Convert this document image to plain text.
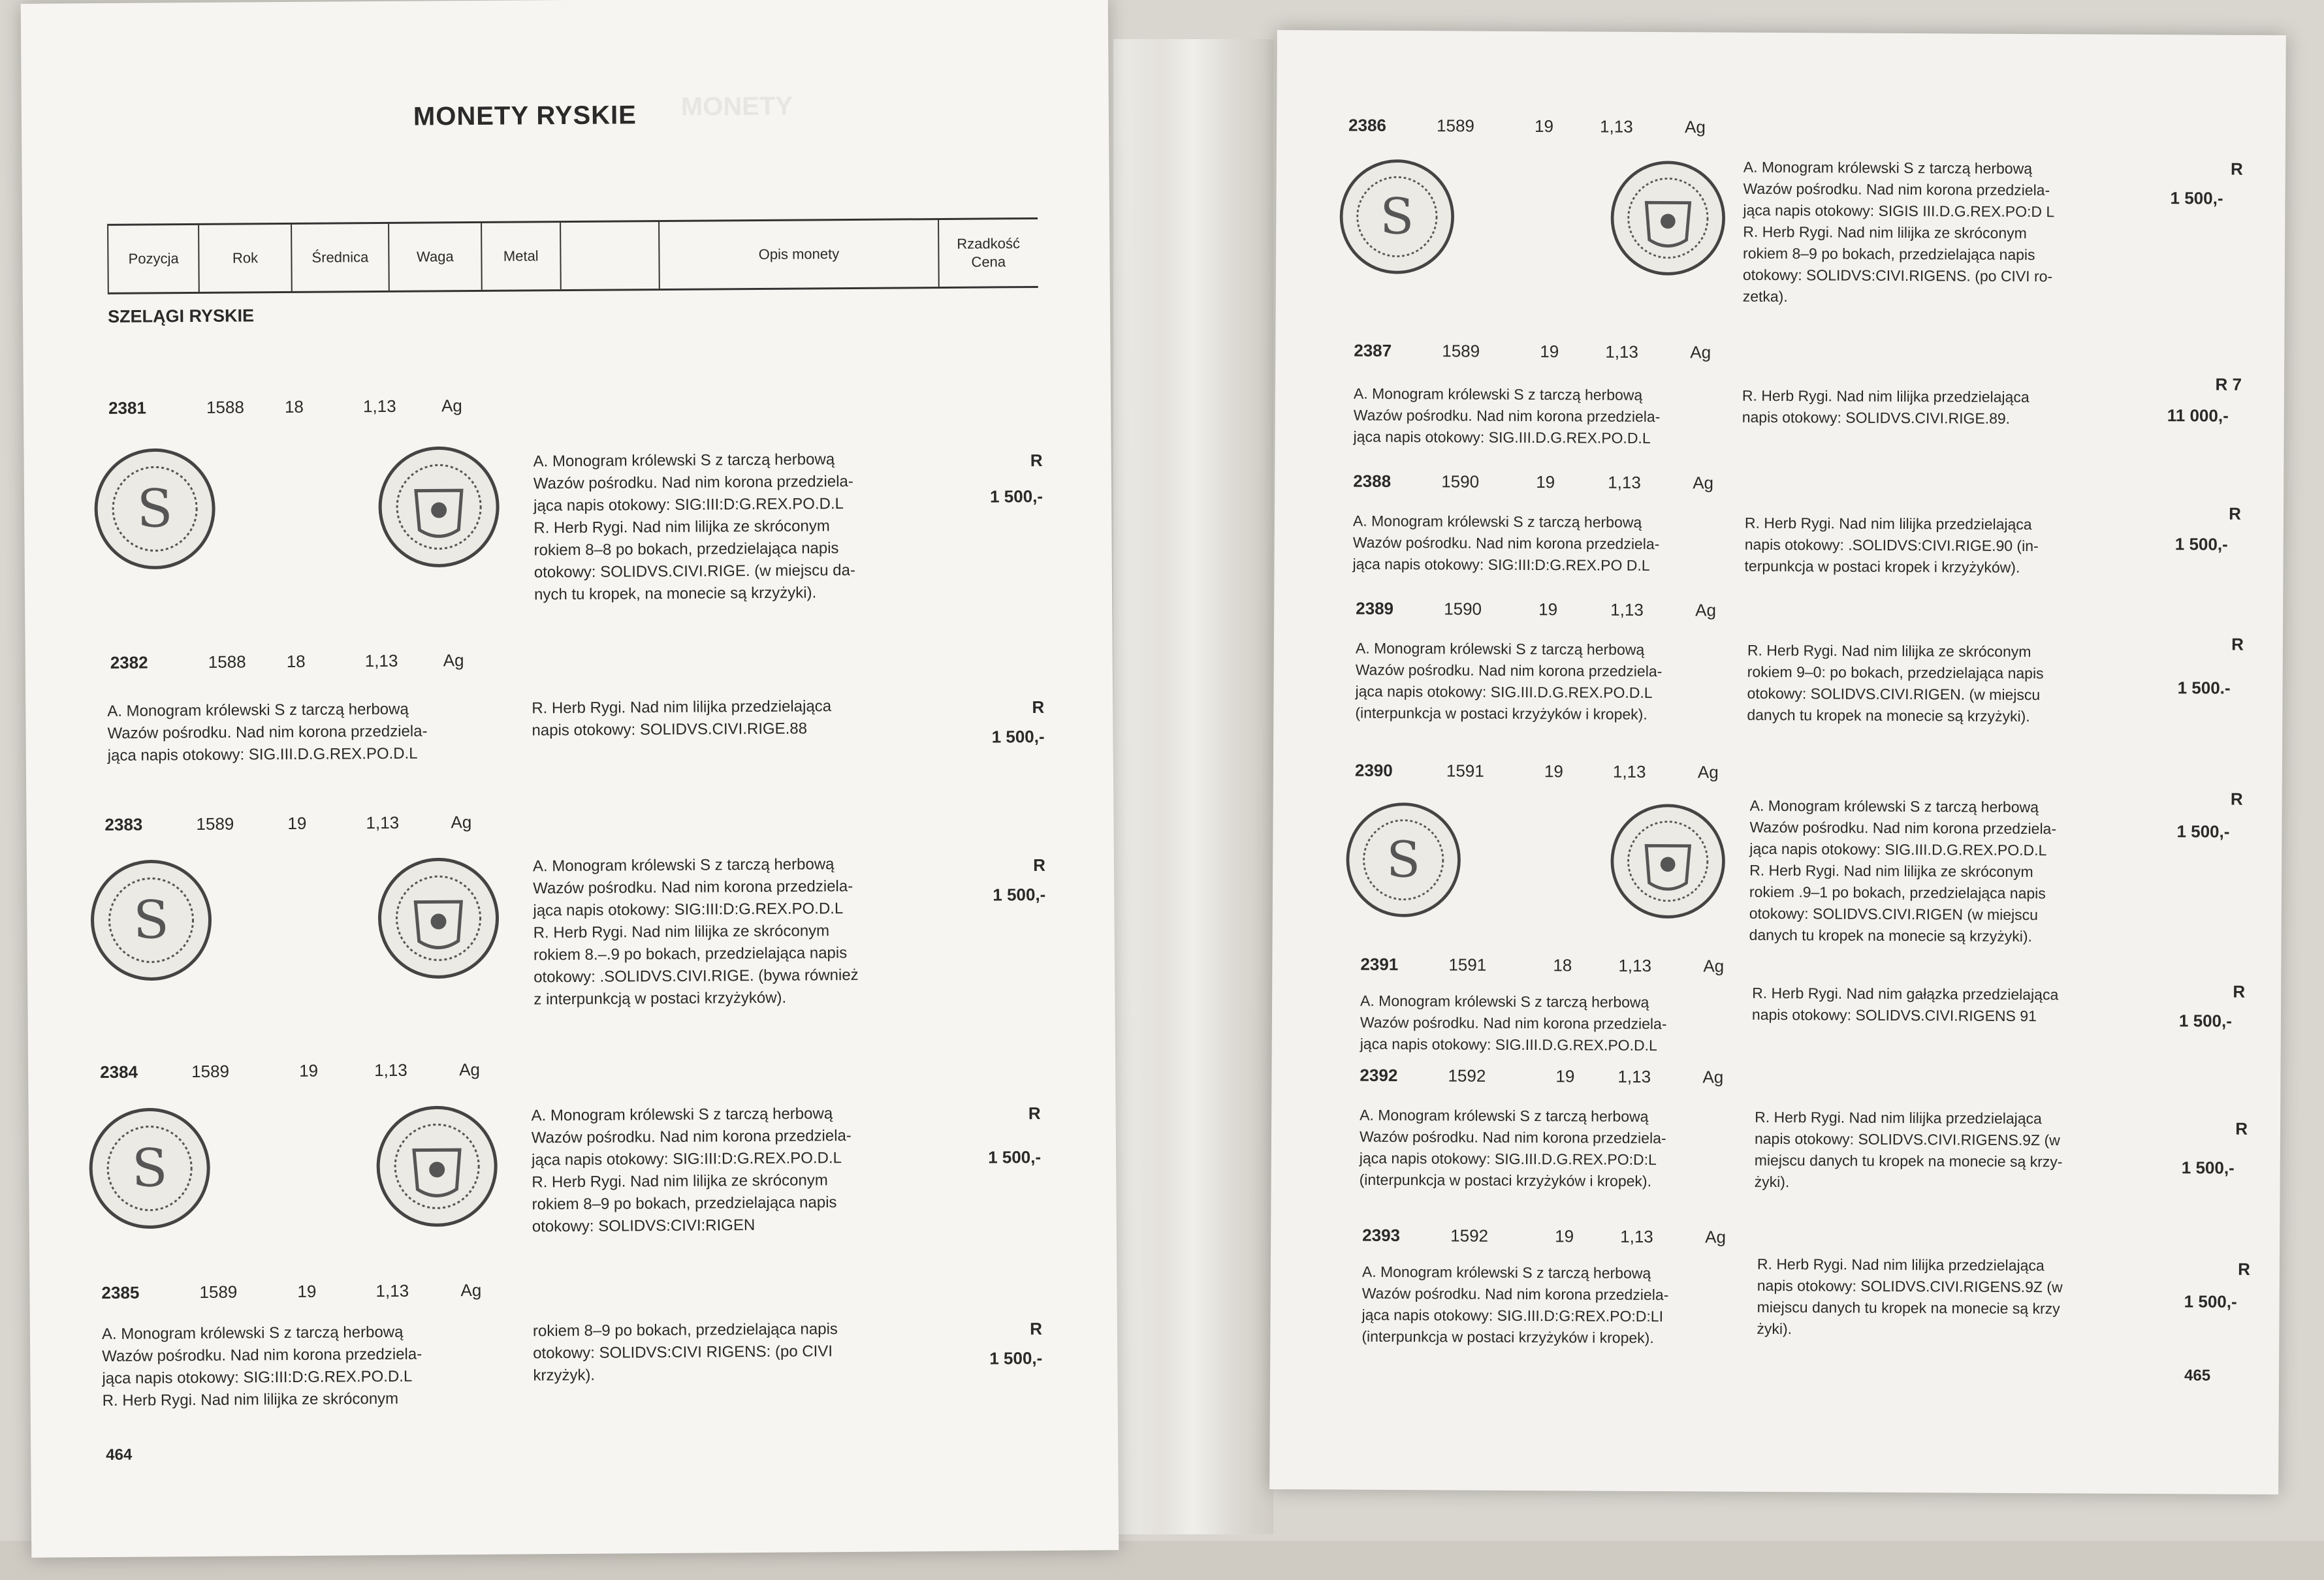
MONETY
MONETY RYSKIE
Pozycja	Rok	Średnica	Waga	Metal	Opis monety
Rzadkość Cena
SZELĄGI RYSKIE
2381	1588	18	1,13	Ag
S
A. Monogram królewski S z tarczą herbową
Wazów pośrodku. Nad nim korona przedziela-
jąca napis otokowy: SIG:III:D:G.REX.PO.D.L
R. Herb Rygi. Nad nim lilijka ze skróconym
rokiem 8–8 po bokach, przedzielająca napis
otokowy: SOLIDVS.CIVI.RIGE. (w miejscu da-
nych tu kropek, na monecie są krzyżyki).
R
1 500,-
2382	1588	18	1,13	Ag
A. Monogram królewski S z tarczą herbową
Wazów pośrodku. Nad nim korona przedziela-
jąca napis otokowy: SIG.III.D.G.REX.PO.D.L
R. Herb Rygi. Nad nim lilijka przedzielająca
napis otokowy: SOLIDVS.CIVI.RIGE.88
R
1 500,-
2383	1589	19	1,13	Ag
S
A. Monogram królewski S z tarczą herbową
Wazów pośrodku. Nad nim korona przedziela-
jąca napis otokowy: SIG:III:D:G.REX.PO.D.L
R. Herb Rygi. Nad nim lilijka ze skróconym
rokiem 8.–.9 po bokach, przedzielająca napis
otokowy: .SOLIDVS.CIVI.RIGE. (bywa również
z interpunkcją w postaci krzyżyków).
R
1 500,-
2384	1589	19	1,13	Ag
S
A. Monogram królewski S z tarczą herbową
Wazów pośrodku. Nad nim korona przedziela-
jąca napis otokowy: SIG:III:D:G.REX.PO.D.L
R. Herb Rygi. Nad nim lilijka ze skróconym
rokiem 8–9 po bokach, przedzielająca napis
otokowy: SOLIDVS:CIVI:RIGEN
R
1 500,-
2385	1589	19	1,13	Ag
A. Monogram królewski S z tarczą herbową
Wazów pośrodku. Nad nim korona przedziela-
jąca napis otokowy: SIG:III:D:G.REX.PO.D.L
R. Herb Rygi. Nad nim lilijka ze skróconym
rokiem 8–9 po bokach, przedzielająca napis
otokowy: SOLIDVS:CIVI RIGENS: (po CIVI
krzyżyk).
R
1 500,-
464
2386	1589	19	1,13	Ag
S
A. Monogram królewski S z tarczą herbową
Wazów pośrodku. Nad nim korona przedziela-
jąca napis otokowy: SIGIS III.D.G.REX.PO:D L
R. Herb Rygi. Nad nim lilijka ze skróconym
rokiem 8–9 po bokach, przedzielająca napis
otokowy: SOLIDVS:CIVI.RIGENS. (po CIVI ro-
zetka).
R
1 500,-
2387	1589	19	1,13	Ag
A. Monogram królewski S z tarczą herbową
Wazów pośrodku. Nad nim korona przedziela-
jąca napis otokowy: SIG.III.D.G.REX.PO.D.L
R. Herb Rygi. Nad nim lilijka przedzielająca
napis otokowy: SOLIDVS.CIVI.RIGE.89.
R 7
11 000,-
2388	1590	19	1,13	Ag
A. Monogram królewski S z tarczą herbową
Wazów pośrodku. Nad nim korona przedziela-
jąca napis otokowy: SIG:III:D:G.REX.PO D.L
R. Herb Rygi. Nad nim lilijka przedzielająca
napis otokowy: .SOLIDVS:CIVI.RIGE.90 (in-
terpunkcja w postaci kropek i krzyżyków).
R
1 500,-
2389	1590	19	1,13	Ag
A. Monogram królewski S z tarczą herbową
Wazów pośrodku. Nad nim korona przedziela-
jąca napis otokowy: SIG.III.D.G.REX.PO.D.L
(interpunkcja w postaci krzyżyków i kropek).
R. Herb Rygi. Nad nim lilijka ze skróconym
rokiem 9–0: po bokach, przedzielająca napis
otokowy: SOLIDVS.CIVI.RIGEN. (w miejscu
danych tu kropek na monecie są krzyżyki).
R
1 500.-
2390	1591	19	1,13	Ag
S
A. Monogram królewski S z tarczą herbową
Wazów pośrodku. Nad nim korona przedziela-
jąca napis otokowy: SIG.III.D.G.REX.PO.D.L
R. Herb Rygi. Nad nim lilijka ze skróconym
rokiem .9–1 po bokach, przedzielająca napis
otokowy: SOLIDVS.CIVI.RIGEN (w miejscu
danych tu kropek na monecie są krzyżyki).
R
1 500,-
2391	1591	18	1,13	Ag
A. Monogram królewski S z tarczą herbową
Wazów pośrodku. Nad nim korona przedziela-
jąca napis otokowy: SIG.III.D.G.REX.PO.D.L
R. Herb Rygi. Nad nim gałązka przedzielająca
napis otokowy: SOLIDVS.CIVI.RIGENS 91
R
1 500,-
2392	1592	19	1,13	Ag
A. Monogram królewski S z tarczą herbową
Wazów pośrodku. Nad nim korona przedziela-
jąca napis otokowy: SIG.III.D.G.REX.PO:D:L
(interpunkcja w postaci krzyżyków i kropek).
R. Herb Rygi. Nad nim lilijka przedzielająca
napis otokowy: SOLIDVS.CIVI.RIGENS.9Z (w
miejscu danych tu kropek na monecie są krzy-
żyki).
R
1 500,-
2393	1592	19	1,13	Ag
A. Monogram królewski S z tarczą herbową
Wazów pośrodku. Nad nim korona przedziela-
jąca napis otokowy: SIG.III.D:G:REX.PO:D:LI
(interpunkcja w postaci krzyżyków i kropek).
R. Herb Rygi. Nad nim lilijka przedzielająca
napis otokowy: SOLIDVS.CIVI.RIGENS.9Z (w
miejscu danych tu kropek na monecie są krzy
żyki).
R
1 500,-
465
